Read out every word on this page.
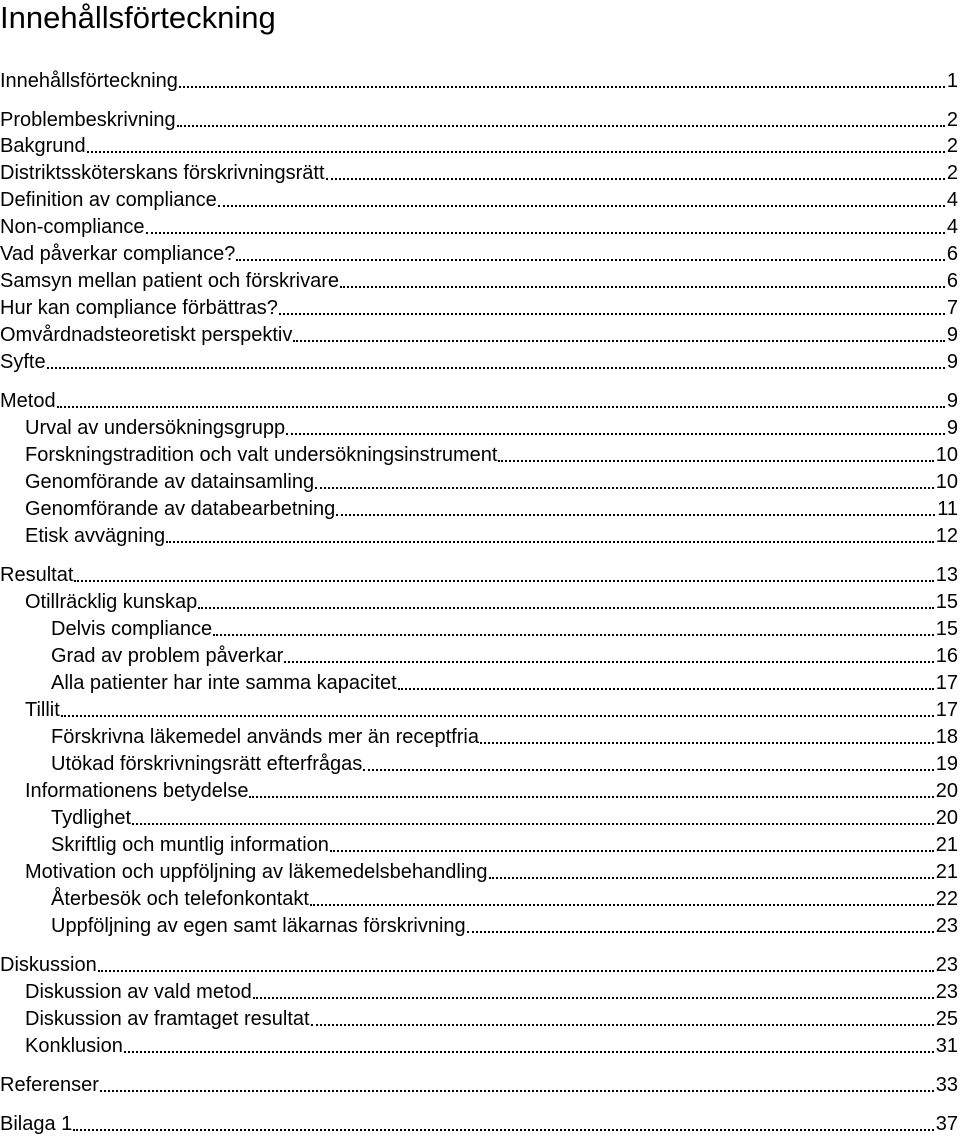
Innehållsförteckning
Innehållsförteckning	1
Problembeskrivning	2
Bakgrund	2
Distriktssköterskans förskrivningsrätt	2
Definition av compliance	4
Non-compliance	4
Vad påverkar compliance?	6
Samsyn mellan patient och förskrivare	6
Hur kan compliance förbättras?	7
Omvårdnadsteoretiskt perspektiv	9
Syfte	9
Metod	9
Urval av undersökningsgrupp	9
Forskningstradition och valt undersökningsinstrument	10
Genomförande av datainsamling	10
Genomförande av databearbetning	11
Etisk avvägning	12
Resultat	13
Otillräcklig kunskap	15
Delvis compliance	15
Grad av problem påverkar	16
Alla patienter har inte samma kapacitet	17
Tillit	17
Förskrivna läkemedel används mer än receptfria	18
Utökad förskrivningsrätt efterfrågas	19
Informationens betydelse	20
Tydlighet	20
Skriftlig och muntlig information	21
Motivation och uppföljning av läkemedelsbehandling	21
Återbesök och telefonkontakt	22
Uppföljning av egen samt läkarnas förskrivning	23
Diskussion	23
Diskussion av vald metod	23
Diskussion av framtaget resultat	25
Konklusion	31
Referenser	33
Bilaga 1	37
